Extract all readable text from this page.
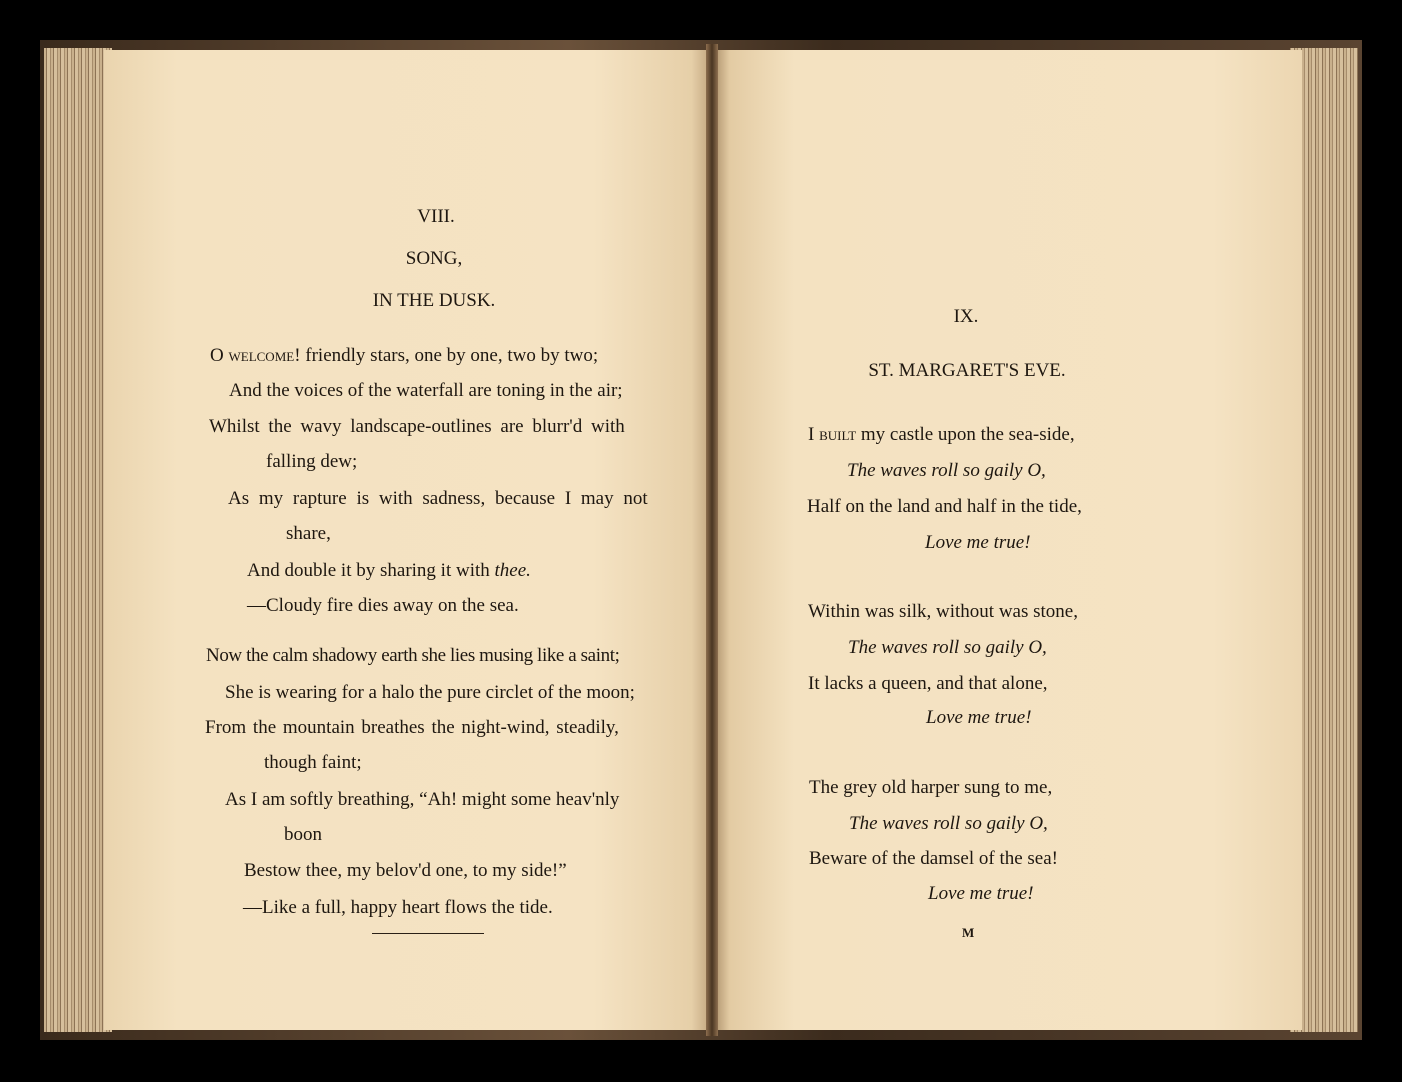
VIII.
SONG,
IN THE DUSK.
O welcome! friendly stars, one by one, two by two;
And the voices of the waterfall are toning in the air;
Whilst the wavy landscape-outlines are blurr'd with
falling dew;
As my rapture is with sadness, because I may not
share,
And double it by sharing it with thee.
—Cloudy fire dies away on the sea.
Now the calm shadowy earth she lies musing like a saint;
She is wearing for a halo the pure circlet of the moon;
From the mountain breathes the night-wind, steadily,
though faint;
As I am softly breathing, “Ah! might some heav'nly
boon
Bestow thee, my belov'd one, to my side!”
—Like a full, happy heart flows the tide.
IX.
ST. MARGARET'S EVE.
I built my castle upon the sea-side,
The waves roll so gaily O,
Half on the land and half in the tide,
Love me true!
Within was silk, without was stone,
The waves roll so gaily O,
It lacks a queen, and that alone,
Love me true!
The grey old harper sung to me,
The waves roll so gaily O,
Beware of the damsel of the sea!
Love me true!
M
